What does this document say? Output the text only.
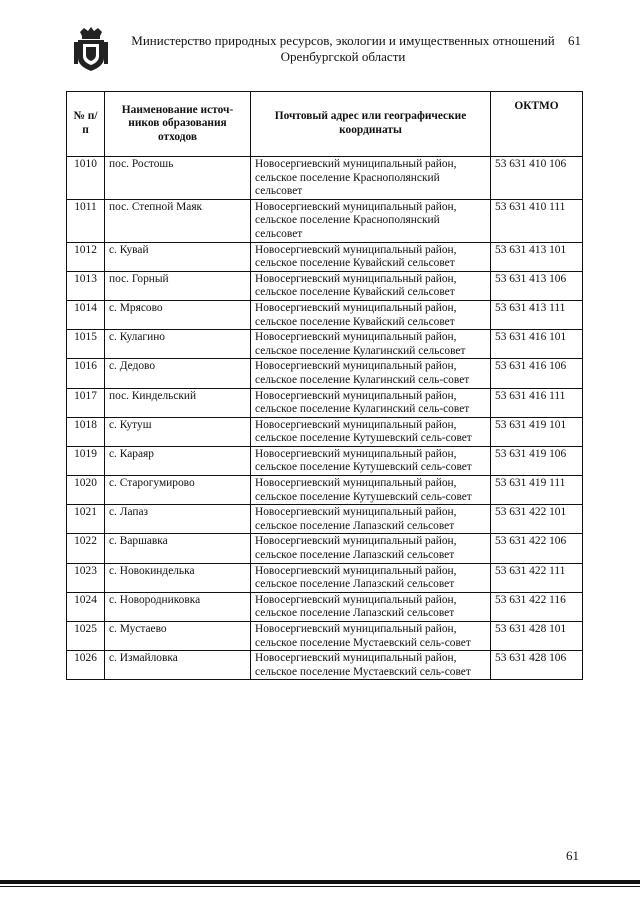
Министерство природных ресурсов, экологии и имущественных отношений
Оренбургской области
61
№ п/п	Наименование источ-ников образования отходов	Почтовый адрес или географические координаты	ОКТМО
1010	пос. Ростошь	Новосергиевский муниципальный район, сельское поселение Краснополянский сельсовет	53 631 410 106
1011	пос. Степной Маяк	Новосергиевский муниципальный район, сельское поселение Краснополянский сельсовет	53 631 410 111
1012	с. Кувай	Новосергиевский муниципальный район, сельское поселение Кувайский сельсовет	53 631 413 101
1013	пос. Горный	Новосергиевский муниципальный район, сельское поселение Кувайский сельсовет	53 631 413 106
1014	с. Мрясово	Новосергиевский муниципальный район, сельское поселение Кувайский сельсовет	53 631 413 111
1015	с. Кулагино	Новосергиевский муниципальный район, сельское поселение Кулагинский сельсовет	53 631 416 101
1016	с. Дедово	Новосергиевский муниципальный район, сельское поселение Кулагинский сель-совет	53 631 416 106
1017	пос. Киндельский	Новосергиевский муниципальный район, сельское поселение Кулагинский сель-совет	53 631 416 111
1018	с. Кутуш	Новосергиевский муниципальный район, сельское поселение Кутушевский сель-совет	53 631 419 101
1019	с. Караяр	Новосергиевский муниципальный район, сельское поселение Кутушевский сель-совет	53 631 419 106
1020	с. Старогумирово	Новосергиевский муниципальный район, сельское поселение Кутушевский сель-совет	53 631 419 111
1021	с. Лапаз	Новосергиевский муниципальный район, сельское поселение Лапазский сельсовет	53 631 422 101
1022	с. Варшавка	Новосергиевский муниципальный район, сельское поселение Лапазский сельсовет	53 631 422 106
1023	с. Новокинделька	Новосергиевский муниципальный район, сельское поселение Лапазский сельсовет	53 631 422 111
1024	с. Новородниковка	Новосергиевский муниципальный район, сельское поселение Лапазский сельсовет	53 631 422 116
1025	с. Мустаево	Новосергиевский муниципальный район, сельское поселение Мустаевский сель-совет	53 631 428 101
1026	с. Измайловка	Новосергиевский муниципальный район, сельское поселение Мустаевский сель-совет	53 631 428 106
61
